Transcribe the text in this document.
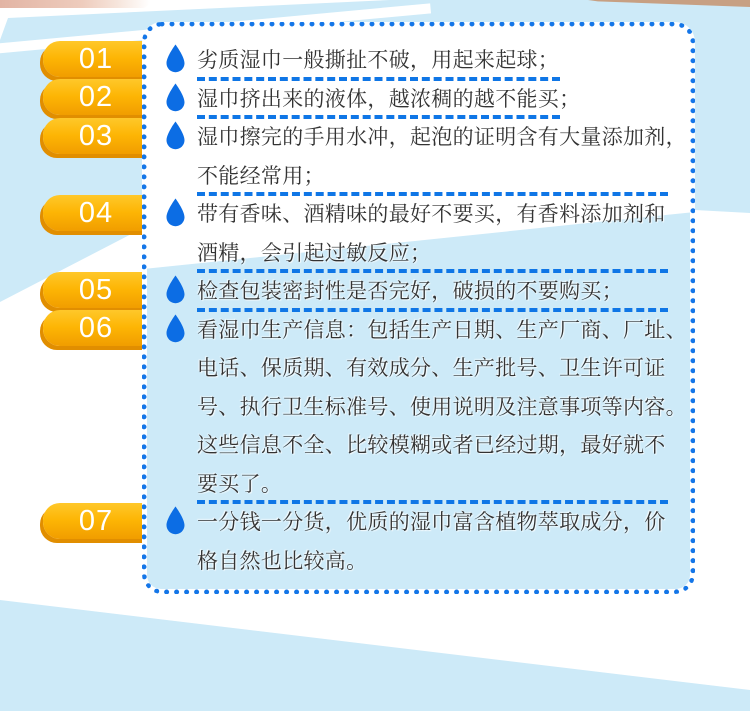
01
02
03
04
05
06
07
劣质湿巾一般撕扯不破，用起来起球；
湿巾挤出来的液体，越浓稠的越不能买；
湿巾擦完的手用水冲，起泡的证明含有大量添加剂，
不能经常用；
带有香味、酒精味的最好不要买，有香料添加剂和
酒精，会引起过敏反应；
检查包装密封性是否完好，破损的不要购买；
看湿巾生产信息：包括生产日期、生产厂商、厂址、
电话、保质期、有效成分、生产批号、卫生许可证
号、执行卫生标准号、使用说明及注意事项等内容。
这些信息不全、比较模糊或者已经过期，最好就不
要买了。
一分钱一分货，优质的湿巾富含植物萃取成分，价
格自然也比较高。
